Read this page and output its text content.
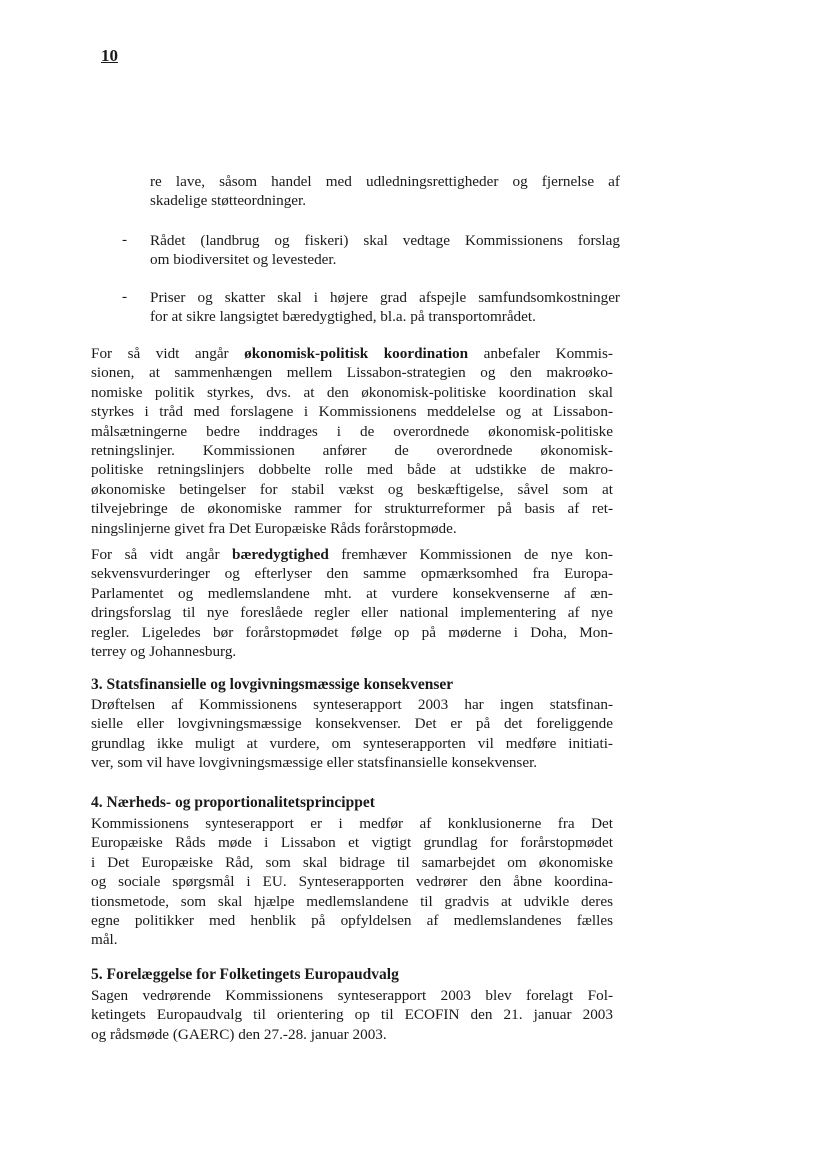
10

re lave, såsom handel med udledningsrettigheder og fjernelse af
skadelige støtteordninger.

- Rådet (landbrug og fiskeri) skal vedtage Kommissionens forslag
om biodiversitet og levesteder.

- Priser og skatter skal i højere grad afspejle samfundsomkostninger
for at sikre langsigtet bæredygtighed, bl.a. på transportområdet.

For så vidt angår økonomisk-politisk koordination anbefaler Kommis-
sionen, at sammenhængen mellem Lissabon-strategien og den makroøko-
nomiske politik styrkes, dvs. at den økonomisk-politiske koordination skal
styrkes i tråd med forslagene i Kommissionens meddelelse og at Lissabon-
målsætningerne bedre inddrages i de overordnede økonomisk-politiske
retningslinjer. Kommissionen anfører de overordnede økonomisk-
politiske retningslinjers dobbelte rolle med både at udstikke de makro-
økonomiske betingelser for stabil vækst og beskæftigelse, såvel som at
tilvejebringe de økonomiske rammer for strukturreformer på basis af ret-
ningslinjerne givet fra Det Europæiske Råds forårstopmøde.

For så vidt angår bæredygtighed fremhæver Kommissionen de nye kon-
sekvensvurderinger og efterlyser den samme opmærksomhed fra Europa-
Parlamentet og medlemslandene mht. at vurdere konsekvenserne af æn-
dringsforslag til nye foreslåede regler eller national implementering af nye
regler. Ligeledes bør forårstopmødet følge op på møderne i Doha, Mon-
terrey og Johannesburg.

3. Statsfinansielle og lovgivningsmæssige konsekvenser

Drøftelsen af Kommissionens synteserapport 2003 har ingen statsfinan-
sielle eller lovgivningsmæssige konsekvenser. Det er på det foreliggende
grundlag ikke muligt at vurdere, om synteserapporten vil medføre initiati-
ver, som vil have lovgivningsmæssige eller statsfinansielle konsekvenser.

4. Nærheds- og proportionalitetsprincippet

Kommissionens synteserapport er i medfør af konklusionerne fra Det
Europæiske Råds møde i Lissabon et vigtigt grundlag for forårstopmødet
i Det Europæiske Råd, som skal bidrage til samarbejdet om økonomiske
og sociale spørgsmål i EU. Synteserapporten vedrører den åbne koordina-
tionsmetode, som skal hjælpe medlemslandene til gradvis at udvikle deres
egne politikker med henblik på opfyldelsen af medlemslandenes fælles
mål.

5. Forelæggelse for Folketingets Europaudvalg

Sagen vedrørende Kommissionens synteserapport 2003 blev forelagt Fol-
ketingets Europaudvalg til orientering op til ECOFIN den 21. januar 2003
og rådsmøde (GAERC) den 27.-28. januar 2003.
